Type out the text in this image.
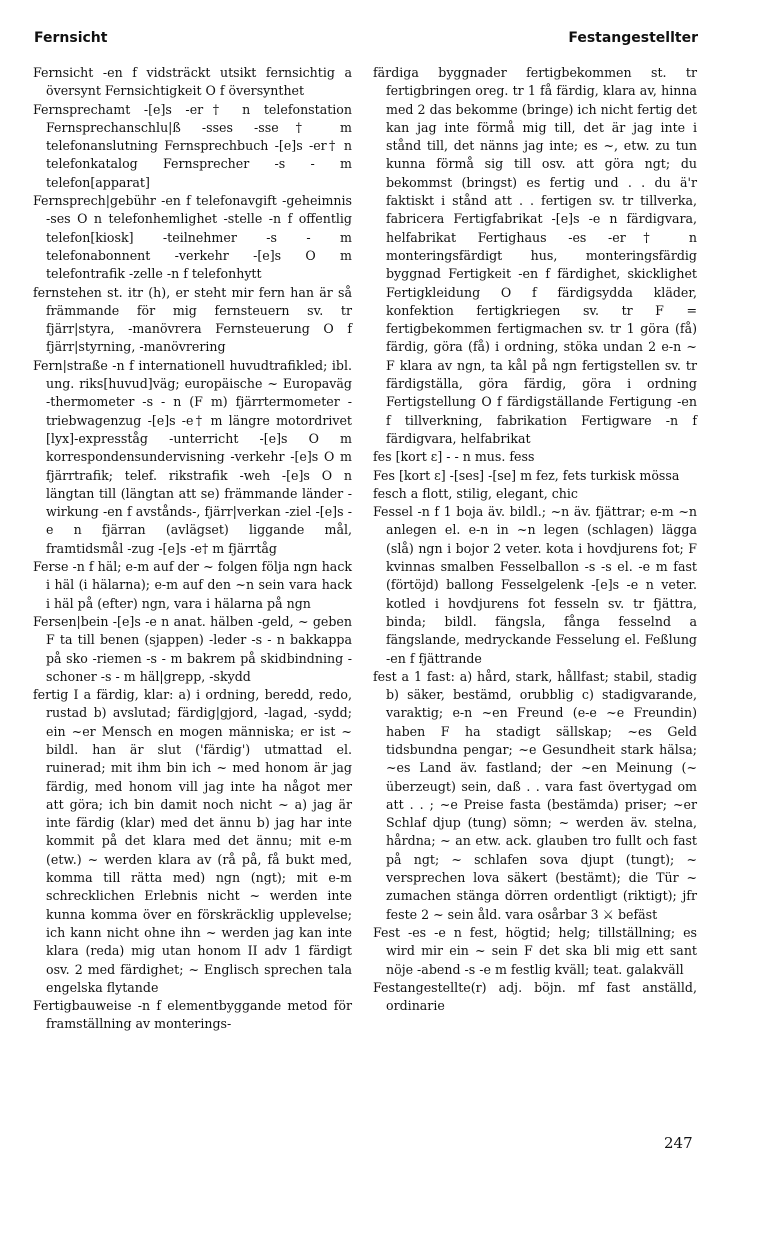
Fernsicht	Festangestellter

Fernsicht -en f vidsträckt utsikt fernsichtig a översynt Fernsichtigkeit O f översynthet

Fernsprechamt -[e]s -er† n telefonstation Fernsprechanschlu|ß -sses -sse† m telefonanslutning Fernsprechbuch -[e]s -er† n telefonkatalog Fernsprecher -s - m telefon[apparat]

Fernsprech|gebühr -en f telefonavgift -geheimnis -ses O n telefonhemlighet -stelle -n f offentlig telefon[kiosk] -teilnehmer -s - m telefonabonnent -verkehr -[e]s O m telefontrafik -zelle -n f telefonhytt

fernstehen st. itr (h), er steht mir fern han är så främmande för mig fernsteuern sv. tr fjärr|styra, -manövrera Fernsteuerung O f fjärr|styrning, -manövrering

Fern|straße -n f internationell huvudtrafikled; ibl. ung. riks[huvud]väg; europäische ~ Europaväg -thermometer -s - n (F m) fjärrtermometer -triebwagenzug -[e]s -e† m längre motordrivet [lyx]-expresståg -unterricht -[e]s O m korrespondensundervisning -verkehr -[e]s O m fjärrtrafik; telef. rikstrafik -weh -[e]s O n längtan till (längtan att se) främmande länder -wirkung -en f avstånds-, fjärr|verkan -ziel -[e]s -e n fjärran (avlägset) liggande mål, framtidsmål -zug -[e]s -e† m fjärrtåg

Ferse -n f häl; e-m auf der ~ folgen följa ngn hack i häl (i hälarna); e-m auf den ~n sein vara hack i häl på (efter) ngn, vara i hälarna på ngn

Fersen|bein -[e]s -e n anat. hälben -geld, ~ geben F ta till benen (sjappen) -leder -s - n bakkappa på sko -riemen -s - m bakrem på skidbindning -schoner -s - m häl|grepp, -skydd

fertig I a färdig, klar: a) i ordning, beredd, redo, rustad b) avslutad; färdig|gjord, -lagad, -sydd; ein ~er Mensch en mogen människa; er ist ~ bildl. han är slut ('färdig') utmattad el. ruinerad; mit ihm bin ich ~ med honom är jag färdig, med honom vill jag inte ha något mer att göra; ich bin damit noch nicht ~ a) jag är inte färdig (klar) med det ännu b) jag har inte kommit på det klara med det ännu; mit e-m (etw.) ~ werden klara av (rå på, få bukt med, komma till rätta med) ngn (ngt); mit e-m schrecklichen Erlebnis nicht ~ werden inte kunna komma över en förskräcklig upplevelse; ich kann nicht ohne ihn ~ werden jag kan inte klara (reda) mig utan honom II adv 1 färdigt osv. 2 med färdighet; ~ Englisch sprechen tala engelska flytande

Fertigbauweise -n f elementbyggande metod för framställning av monterings-

färdiga byggnader fertigbekommen st. tr fertigbringen oreg. tr 1 få färdig, klara av, hinna med 2 das bekomme (bringe) ich nicht fertig det kan jag inte förmå mig till, det är jag inte i stånd till, det nänns jag inte; es ~, etw. zu tun kunna förmå sig till osv. att göra ngt; du bekommst (bringst) es fertig und . . du ä'r faktiskt i stånd att . . fertigen sv. tr tillverka, fabricera Fertigfabrikat -[e]s -e n färdigvara, helfabrikat Fertighaus -es -er† n monteringsfärdigt hus, monteringsfärdig byggnad Fertigkeit -en f färdighet, skicklighet Fertigkleidung O f färdigsydda kläder, konfektion fertigkriegen sv. tr F = fertigbekommen fertigmachen sv. tr 1 göra (få) färdig, göra (få) i ordning, stöka undan 2 e-n ~ F klara av ngn, ta kål på ngn fertigstellen sv. tr färdigställa, göra färdig, göra i ordning Fertigstellung O f färdigställande Fertigung -en f tillverkning, fabrikation Fertigware -n f färdigvara, helfabrikat

fes [kort ɛ] - - n mus. fess

Fes [kort ɛ] -[ses] -[se] m fez, fets turkisk mössa

fesch a flott, stilig, elegant, chic

Fessel -n f 1 boja äv. bildl.; ~n äv. fjättrar; e-m ~n anlegen el. e-n in ~n legen (schlagen) lägga (slå) ngn i bojor 2 veter. kota i hovdjurens fot; F kvinnas smalben Fesselballon -s -s el. -e m fast (förtöjd) ballong Fesselgelenk -[e]s -e n veter. kotled i hovdjurens fot fesseln sv. tr fjättra, binda; bildl. fängsla, fånga fesselnd a fängslande, medryckande Fesselung el. Feßlung -en f fjättrande

fest a 1 fast: a) hård, stark, hållfast; stabil, stadig b) säker, bestämd, orubblig c) stadigvarande, varaktig; e-n ~en Freund (e-e ~e Freundin) haben F ha stadigt sällskap; ~es Geld tidsbundna pengar; ~e Gesundheit stark hälsa; ~es Land äv. fastland; der ~en Meinung (~ überzeugt) sein, daß . . vara fast övertygad om att . . ; ~e Preise fasta (bestämda) priser; ~er Schlaf djup (tung) sömn; ~ werden äv. stelna, hårdna; ~ an etw. ack. glauben tro fullt och fast på ngt; ~ schlafen sova djupt (tungt); ~ versprechen lova säkert (bestämt); die Tür ~ zumachen stänga dörren ordentligt (riktigt); jfr feste 2 ~ sein åld. vara osårbar 3 ⚔ befäst

Fest -es -e n fest, högtid; helg; tillställning; es wird mir ein ~ sein F det ska bli mig ett sant nöje -abend -s -e m festlig kväll; teat. galakväll

Festangestellte(r) adj. böjn. mf fast anställd, ordinarie

247
